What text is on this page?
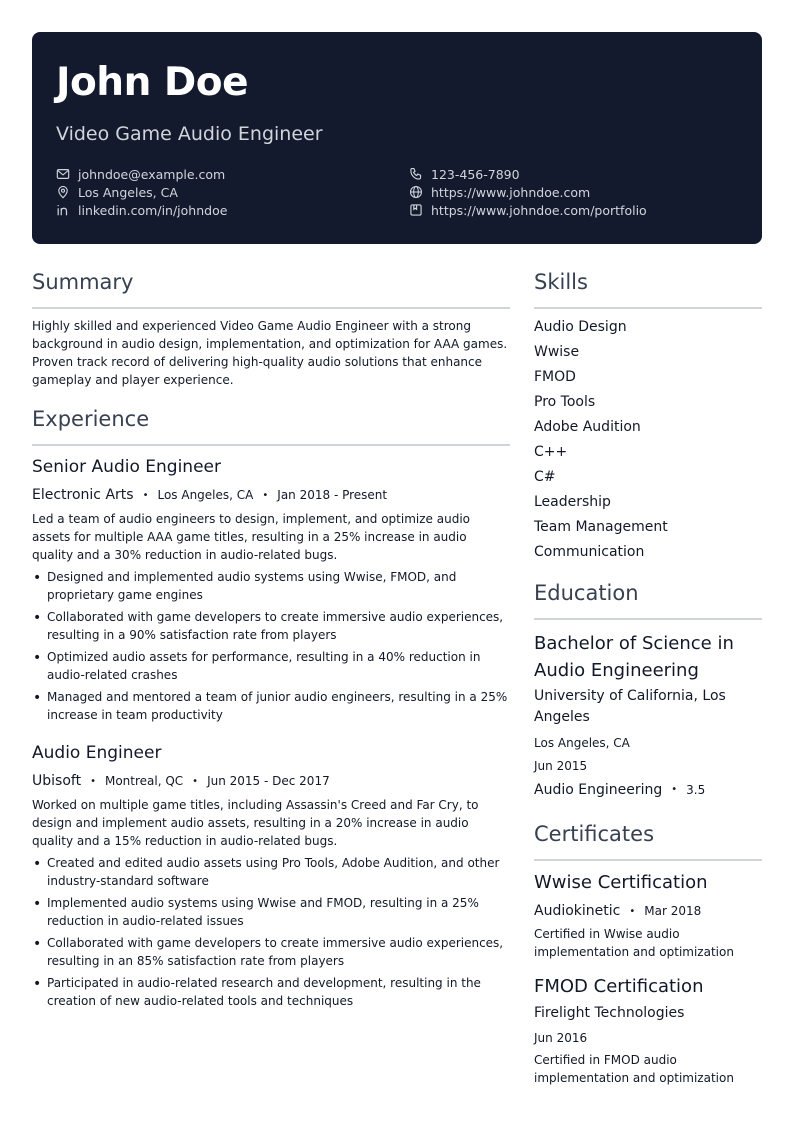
John Doe
Video Game Audio Engineer
johndoe@example.com	123-456-7890
Los Angeles, CA	https://www.johndoe.com
linkedin.com/in/johndoe	https://www.johndoe.com/portfolio
Summary
Highly skilled and experienced Video Game Audio Engineer with a strong background in audio design, implementation, and optimization for AAA games. Proven track record of delivering high-quality audio solutions that enhance gameplay and player experience.
Experience
Senior Audio Engineer
Electronic Arts • Los Angeles, CA • Jan 2018 - Present
Led a team of audio engineers to design, implement, and optimize audio assets for multiple AAA game titles, resulting in a 25% increase in audio quality and a 30% reduction in audio-related bugs.
• Designed and implemented audio systems using Wwise, FMOD, and proprietary game engines
• Collaborated with game developers to create immersive audio experiences, resulting in a 90% satisfaction rate from players
• Optimized audio assets for performance, resulting in a 40% reduction in audio-related crashes
• Managed and mentored a team of junior audio engineers, resulting in a 25% increase in team productivity
Audio Engineer
Ubisoft • Montreal, QC • Jun 2015 - Dec 2017
Worked on multiple game titles, including Assassin's Creed and Far Cry, to design and implement audio assets, resulting in a 20% increase in audio quality and a 15% reduction in audio-related bugs.
• Created and edited audio assets using Pro Tools, Adobe Audition, and other industry-standard software
• Implemented audio systems using Wwise and FMOD, resulting in a 25% reduction in audio-related issues
• Collaborated with game developers to create immersive audio experiences, resulting in an 85% satisfaction rate from players
• Participated in audio-related research and development, resulting in the creation of new audio-related tools and techniques
Skills
Audio Design
Wwise
FMOD
Pro Tools
Adobe Audition
C++
C#
Leadership
Team Management
Communication
Education
Bachelor of Science in Audio Engineering
University of California, Los Angeles
Los Angeles, CA
Jun 2015
Audio Engineering • 3.5
Certificates
Wwise Certification
Audiokinetic • Mar 2018
Certified in Wwise audio implementation and optimization
FMOD Certification
Firelight Technologies
Jun 2016
Certified in FMOD audio implementation and optimization
